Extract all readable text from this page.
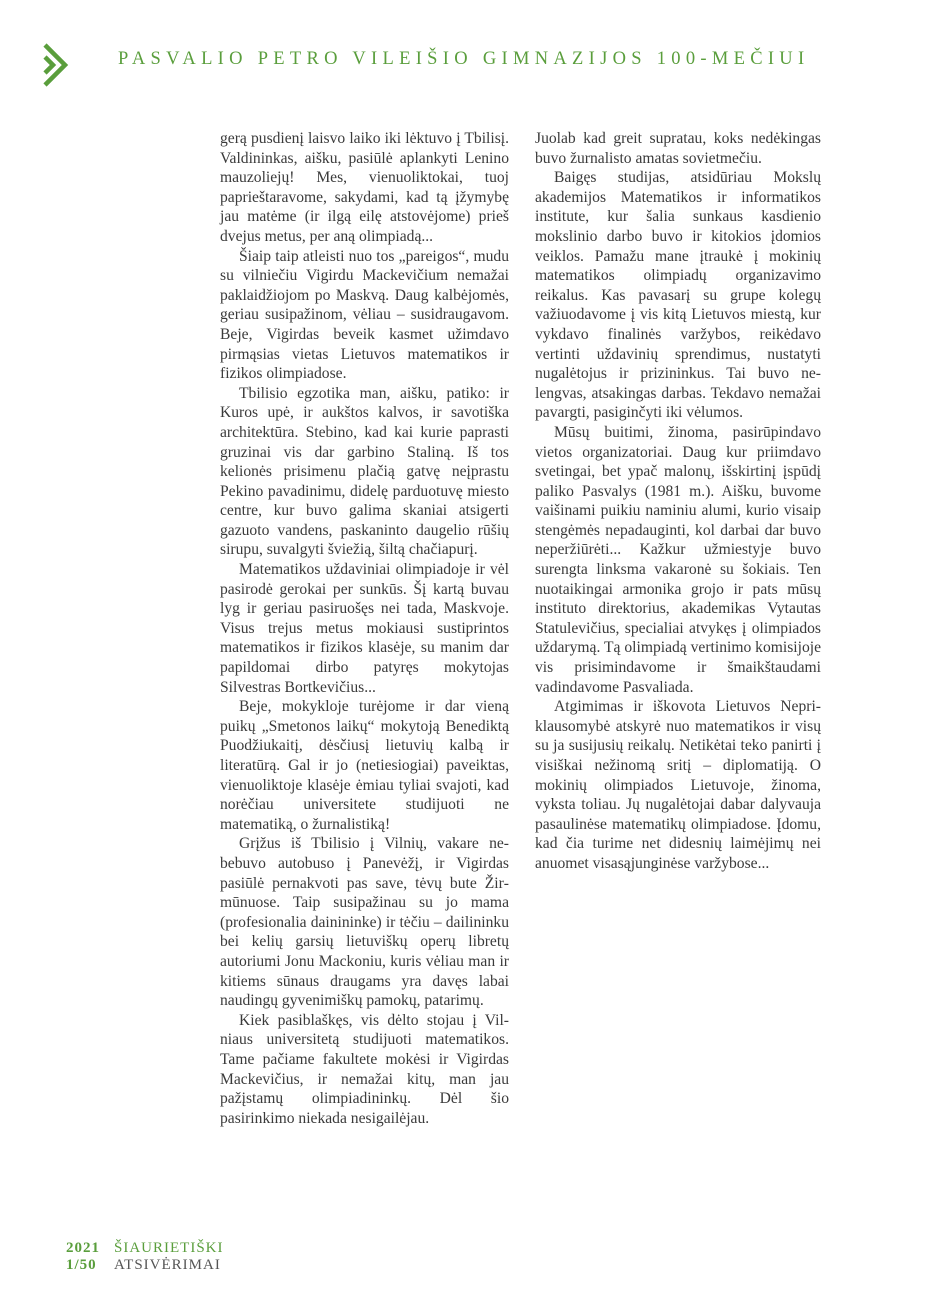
PASVALIO PETRO VILEIŠIO GIMNAZIJOS 100-MEČIUI

gerą pusdienį laisvo laiko iki lėktuvo į Tbilisį. Valdininkas, aišku, pasiūlė aplankyti Lenino mauzoliejų! Mes, vienuoliktokai, tuoj paprieštaravome, sakydami, kad tą įžymybę jau matėme (ir ilgą eilę atstovėjome) prieš dvejus metus, per aną olimpiadą...

Šiaip taip atleisti nuo tos „pareigos“, mudu su vilniečiu Vigirdu Mackevičium nemažai paklaidžiojom po Maskvą. Daug kalbėjomės, geriau susipažinom, vėliau – susidraugavom. Beje, Vigirdas beveik kasmet užimdavo pirmąsias vietas Lietuvos matematikos ir fizikos olimpiadose.

Tbilisio egzotika man, aišku, patiko: ir Kuros upė, ir aukštos kalvos, ir savotiška architektūra. Stebino, kad kai kurie paprasti gruzinai vis dar garbino Staliną. Iš tos kelionės prisimenu plačią gatvę neįprastu Pekino pavadinimu, didelę parduotuvę miesto centre, kur buvo galima skaniai atsigerti gazuoto vandens, paskaninto daugelio rūšių sirupu, suvalgyti šviežią, šiltą chačiapurį.

Matematikos uždaviniai olimpiadoje ir vėl pasirodė gerokai per sunkūs. Šį kartą buvau lyg ir geriau pasiruošęs nei tada, Maskvoje. Visus trejus metus mokiausi sustiprintos matematikos ir fizikos klasėje, su manim dar papildomai dirbo patyręs mokytojas Silvestras Bortkevičius...

Beje, mokykloje turėjome ir dar vieną puikų „Smetonos laikų“ mokytoją Benediktą Puodžiukaitį, dėsčiusį lietuvių kalbą ir literatūrą. Gal ir jo (netiesiogiai) paveiktas, vienuoliktoje klasėje ėmiau tyliai svajoti, kad norėčiau universitete studijuoti ne matematiką, o žurnalistiką!

Grįžus iš Tbilisio į Vilnių, vakare nebebuvo autobuso į Panevėžį, ir Vigirdas pasiūlė pernakvoti pas save, tėvų bute Žirmūnuose. Taip susipažinau su jo mama (profesionalia dainininke) ir tėčiu – dailininku bei kelių garsių lietuviškų operų libretų autoriumi Jonu Mackoniu, kuris vėliau man ir kitiems sūnaus draugams yra davęs labai naudingų gyvenimiškų pamokų, patarimų.

Kiek pasiblaškęs, vis dėlto stojau į Vilniaus universitetą studijuoti matematikos. Tame pačiame fakultete mokėsi ir Vigirdas Mackevičius, ir nemažai kitų, man jau pažįstamų olimpiadininkų. Dėl šio pasirinkimo niekada nesigailėjau.

Juolab kad greit supratau, koks nedėkingas buvo žurnalisto amatas sovietmečiu.

Baigęs studijas, atsidūriau Mokslų akademijos Matematikos ir informatikos institute, kur šalia sunkaus kasdienio mokslinio darbo buvo ir kitokios įdomios veiklos. Pamažu mane įtraukė į mokinių matematikos olimpiadų organizavimo reikalus. Kas pavasarį su grupe kolegų važiuodavome į vis kitą Lietuvos miestą, kur vykdavo finalinės varžybos, reikėdavo vertinti uždavinių sprendimus, nustatyti nugalėtojus ir prizininkus. Tai buvo nelengvas, atsakingas darbas. Tekdavo nemažai pavargti, pasiginčyti iki vėlumos.

Mūsų buitimi, žinoma, pasirūpindavo vietos organizatoriai. Daug kur priimdavo svetingai, bet ypač malonų, išskirtinį įspūdį paliko Pasvalys (1981 m.). Aišku, buvome vaišinami puikiu naminiu alumi, kurio visaip stengėmės nepadauginti, kol darbai dar buvo neperžiūrėti... Kažkur užmiestyje buvo surengta linksma vakaronė su šokiais. Ten nuotaikingai armonika grojo ir pats mūsų instituto direktorius, akademikas Vytautas Statulevičius, specialiai atvykęs į olimpiados uždarymą. Tą olimpiadą vertinimo komisijoje vis prisimindavome ir šmaikštaudami vadindavome Pasvaliada.

Atgimimas ir iškovota Lietuvos Nepriklausomybė atskyrė nuo matematikos ir visų su ja susijusių reikalų. Netikėtai teko panirti į visiškai nežinomą sritį – diplomatiją. O mokinių olimpiados Lietuvoje, žinoma, vyksta toliau. Jų nugalėtojai dabar dalyvauja pasaulinėse matematikų olimpiadose. Įdomu, kad čia turime net didesnių laimėjimų nei anuomet visasąjunginėse varžybose...

2021 ŠIAURIETIŠKI
1/50	ATSIVĖRIMAI
